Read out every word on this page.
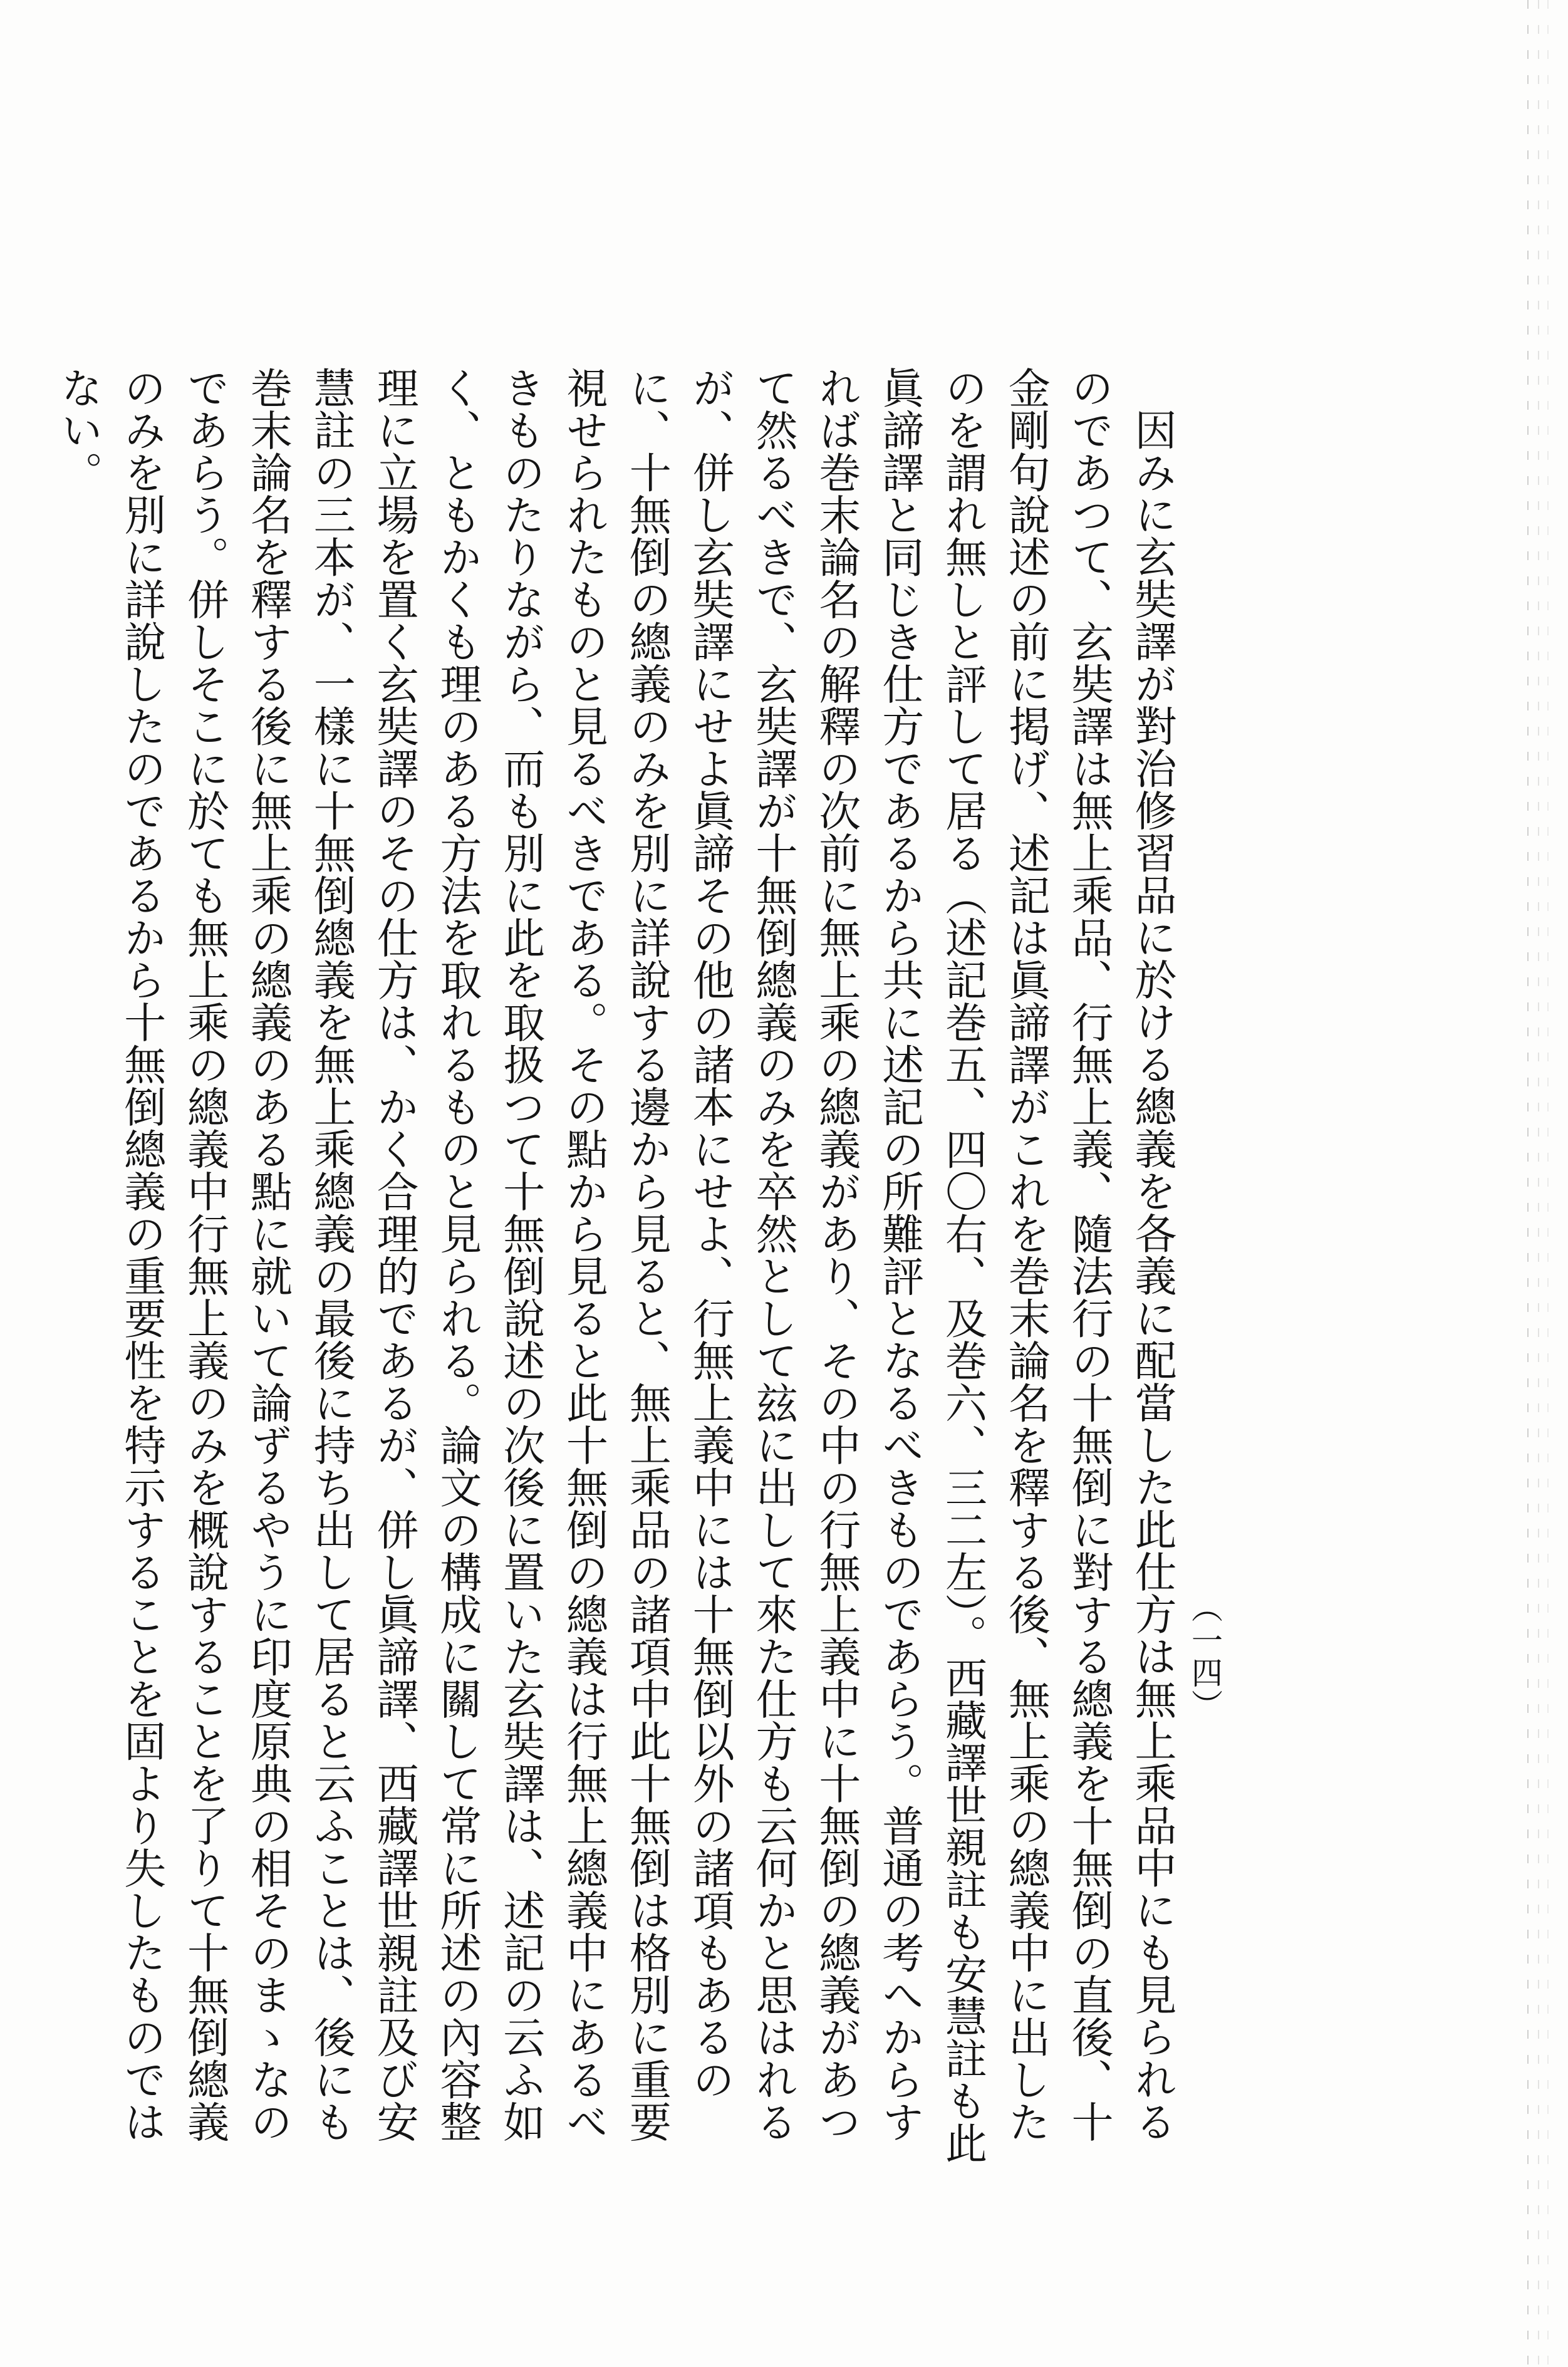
（一四）

因みに玄奘譯が對治修習品に於ける總義を各義に配當した此仕方は無上乘品中にも見られるのであつて、玄奘譯は無上乘品、行無上義、隨法行の十無倒に對する總義を十無倒の直後、十金剛句說述の前に掲げ、述記は眞諦譯がこれを巻末論名を釋する後、無上乘の總義中に出したのを謂れ無しと評して居る（述記巻五、四〇右、及巻六、三二左）。西藏譯世親註も安慧註も此眞諦譯と同じき仕方であるから共に述記の所難評となるべきものであらう。普通の考へからすれば巻末論名の解釋の次前に無上乘の總義があり、その中の行無上義中に十無倒の總義があつて然るべきで、玄奘譯が十無倒總義のみを卒然として玆に出して來た仕方も云何かと思はれるが、併し玄奘譯にせよ眞諦その他の諸本にせよ、行無上義中には十無倒以外の諸項もあるのに、十無倒の總義のみを別に詳說する邊から見ると、無上乘品の諸項中此十無倒は格別に重要視せられたものと見るべきである。その點から見ると此十無倒の總義は行無上總義中にあるべきものたりながら、而も別に此を取扱つて十無倒說述の次後に置いた玄奘譯は、述記の云ふ如く、ともかくも理のある方法を取れるものと見られる。論文の構成に關して常に所述の內容整理に立場を置く玄奘譯のその仕方は、かく合理的であるが、併し眞諦譯、西藏譯世親註及び安慧註の三本が、一樣に十無倒總義を無上乘總義の最後に持ち出して居ると云ふことは、後にも巻末論名を釋する後に無上乘の總義のある點に就いて論ずるやうに印度原典の相そのまゝなのであらう。併しそこに於ても無上乘の總義中行無上義のみを概說することを了りて十無倒總義のみを別に詳說したのであるから十無倒總義の重要性を特示することを固より失したものではない。
